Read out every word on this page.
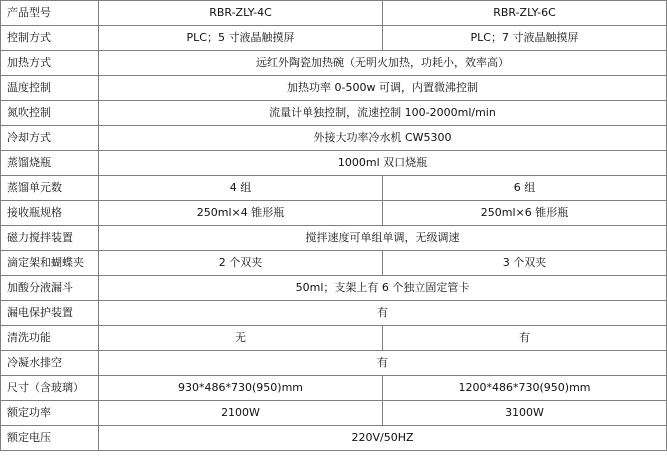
产品型号	RBR-ZLY-4C	RBR-ZLY-6C
控制方式	PLC；5 寸液晶触摸屏	PLC；7 寸液晶触摸屏
加热方式	远红外陶瓷加热碗（无明火加热，功耗小，效率高）	
温度控制	加热功率 0-500w 可调，内置微沸控制	
氮吹控制	流量计单独控制，流速控制 100-2000ml/min	
冷却方式	外接大功率冷水机 CW5300	
蒸馏烧瓶	1000ml 双口烧瓶	
蒸馏单元数	4 组	6 组
接收瓶规格	250ml×4 锥形瓶	250ml×6 锥形瓶
磁力搅拌装置	搅拌速度可单组单调，无级调速	
滴定架和蝴蝶夹	2 个双夹	3 个双夹
加酸分液漏斗	50ml；支架上有 6 个独立固定管卡	
漏电保护装置	有	
清洗功能	无	有
冷凝水排空	有	
尺寸（含玻璃）	930*486*730(950)mm	1200*486*730(950)mm
额定功率	2100W	3100W
额定电压	220V/50HZ	
